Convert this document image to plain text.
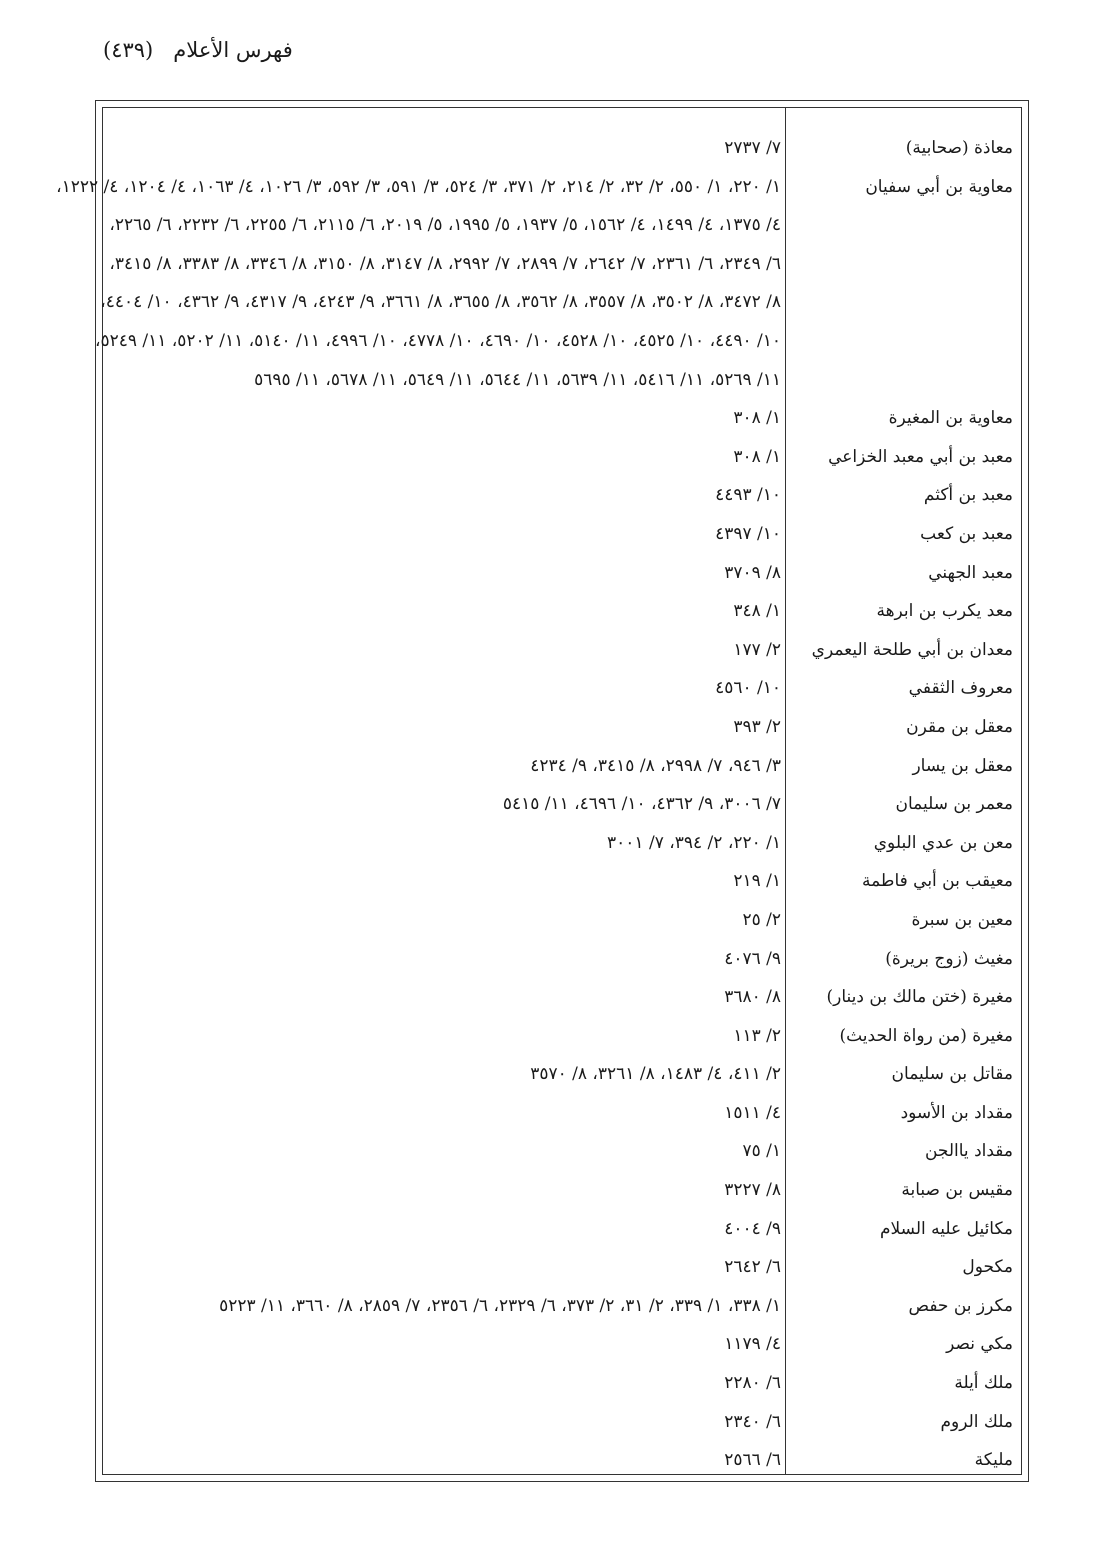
فهرس الأعلام   (٤٣٩)
معاذة (صحابية)
٧/ ٢٧٣٧
معاوية بن أبي سفيان
١/ ٢٢٠، ١/ ٥٥٠، ٢/ ٣٢، ٢/ ٢١٤، ٢/ ٣٧١، ٣/ ٥٢٤، ٣/ ٥٩١، ٣/ ٥٩٢، ٣/ ١٠٢٦، ٤/ ١٠٦٣، ٤/ ١٢٠٤، ٤/ ١٢٢٢،
٤/ ١٣٧٥، ٤/ ١٤٩٩، ٤/ ١٥٦٢، ٥/ ١٩٣٧، ٥/ ١٩٩٥، ٥/ ٢٠١٩، ٦/ ٢١١٥، ٦/ ٢٢٥٥، ٦/ ٢٢٣٢، ٦/ ٢٢٦٥،
٦/ ٢٣٤٩، ٦/ ٢٣٦١، ٧/ ٢٦٤٢، ٧/ ٢٨٩٩، ٧/ ٢٩٩٢، ٨/ ٣١٤٧، ٨/ ٣١٥٠، ٨/ ٣٣٤٦، ٨/ ٣٣٨٣، ٨/ ٣٤١٥،
٨/ ٣٤٧٢، ٨/ ٣٥٠٢، ٨/ ٣٥٥٧، ٨/ ٣٥٦٢، ٨/ ٣٦٥٥، ٨/ ٣٦٦١، ٩/ ٤٢٤٣، ٩/ ٤٣١٧، ٩/ ٤٣٦٢، ١٠/ ٤٤٠٤،
١٠/ ٤٤٩٠، ١٠/ ٤٥٢٥، ١٠/ ٤٥٢٨، ١٠/ ٤٦٩٠، ١٠/ ٤٧٧٨، ١٠/ ٤٩٩٦، ١١/ ٥١٤٠، ١١/ ٥٢٠٢، ١١/ ٥٢٤٩،
١١/ ٥٢٦٩، ١١/ ٥٤١٦، ١١/ ٥٦٣٩، ١١/ ٥٦٤٤، ١١/ ٥٦٤٩، ١١/ ٥٦٧٨، ١١/ ٥٦٩٥
معاوية بن المغيرة
١/ ٣٠٨
معبد بن أبي معبد الخزاعي
١/ ٣٠٨
معبد بن أكثم
١٠/ ٤٤٩٣
معبد بن كعب
١٠/ ٤٣٩٧
معبد الجهني
٨/ ٣٧٠٩
معد يكرب بن ابرهة
١/ ٣٤٨
معدان بن أبي طلحة اليعمري
٢/ ١٧٧
معروف الثقفي
١٠/ ٤٥٦٠
معقل بن مقرن
٢/ ٣٩٣
معقل بن يسار
٣/ ٩٤٦، ٧/ ٢٩٩٨، ٨/ ٣٤١٥، ٩/ ٤٢٣٤
معمر بن سليمان
٧/ ٣٠٠٦، ٩/ ٤٣٦٢، ١٠/ ٤٦٩٦، ١١/ ٥٤١٥
معن بن عدي البلوي
١/ ٢٢٠، ٢/ ٣٩٤، ٧/ ٣٠٠١
معيقب بن أبي فاطمة
١/ ٢١٩
معين بن سبرة
٢/ ٢٥
مغيث (زوج بريرة)
٩/ ٤٠٧٦
مغيرة (ختن مالك بن دينار)
٨/ ٣٦٨٠
مغيرة (من رواة الحديث)
٢/ ١١٣
مقاتل بن سليمان
٢/ ٤١١، ٤/ ١٤٨٣، ٨/ ٣٢٦١، ٨/ ٣٥٧٠
مقداد بن الأسود
٤/ ١٥١١
مقداد ياالجن
١/ ٧٥
مقيس بن صبابة
٨/ ٣٢٢٧
مكائيل عليه السلام
٩/ ٤٠٠٤
مكحول
٦/ ٢٦٤٢
مكرز بن حفص
١/ ٣٣٨، ١/ ٣٣٩، ٢/ ٣١، ٢/ ٣٧٣، ٦/ ٢٣٢٩، ٦/ ٢٣٥٦، ٧/ ٢٨٥٩، ٨/ ٣٦٦٠، ١١/ ٥٢٢٣
مكي نصر
٤/ ١١٧٩
ملك أيلة
٦/ ٢٢٨٠
ملك الروم
٦/ ٢٣٤٠
مليكة
٦/ ٢٥٦٦
